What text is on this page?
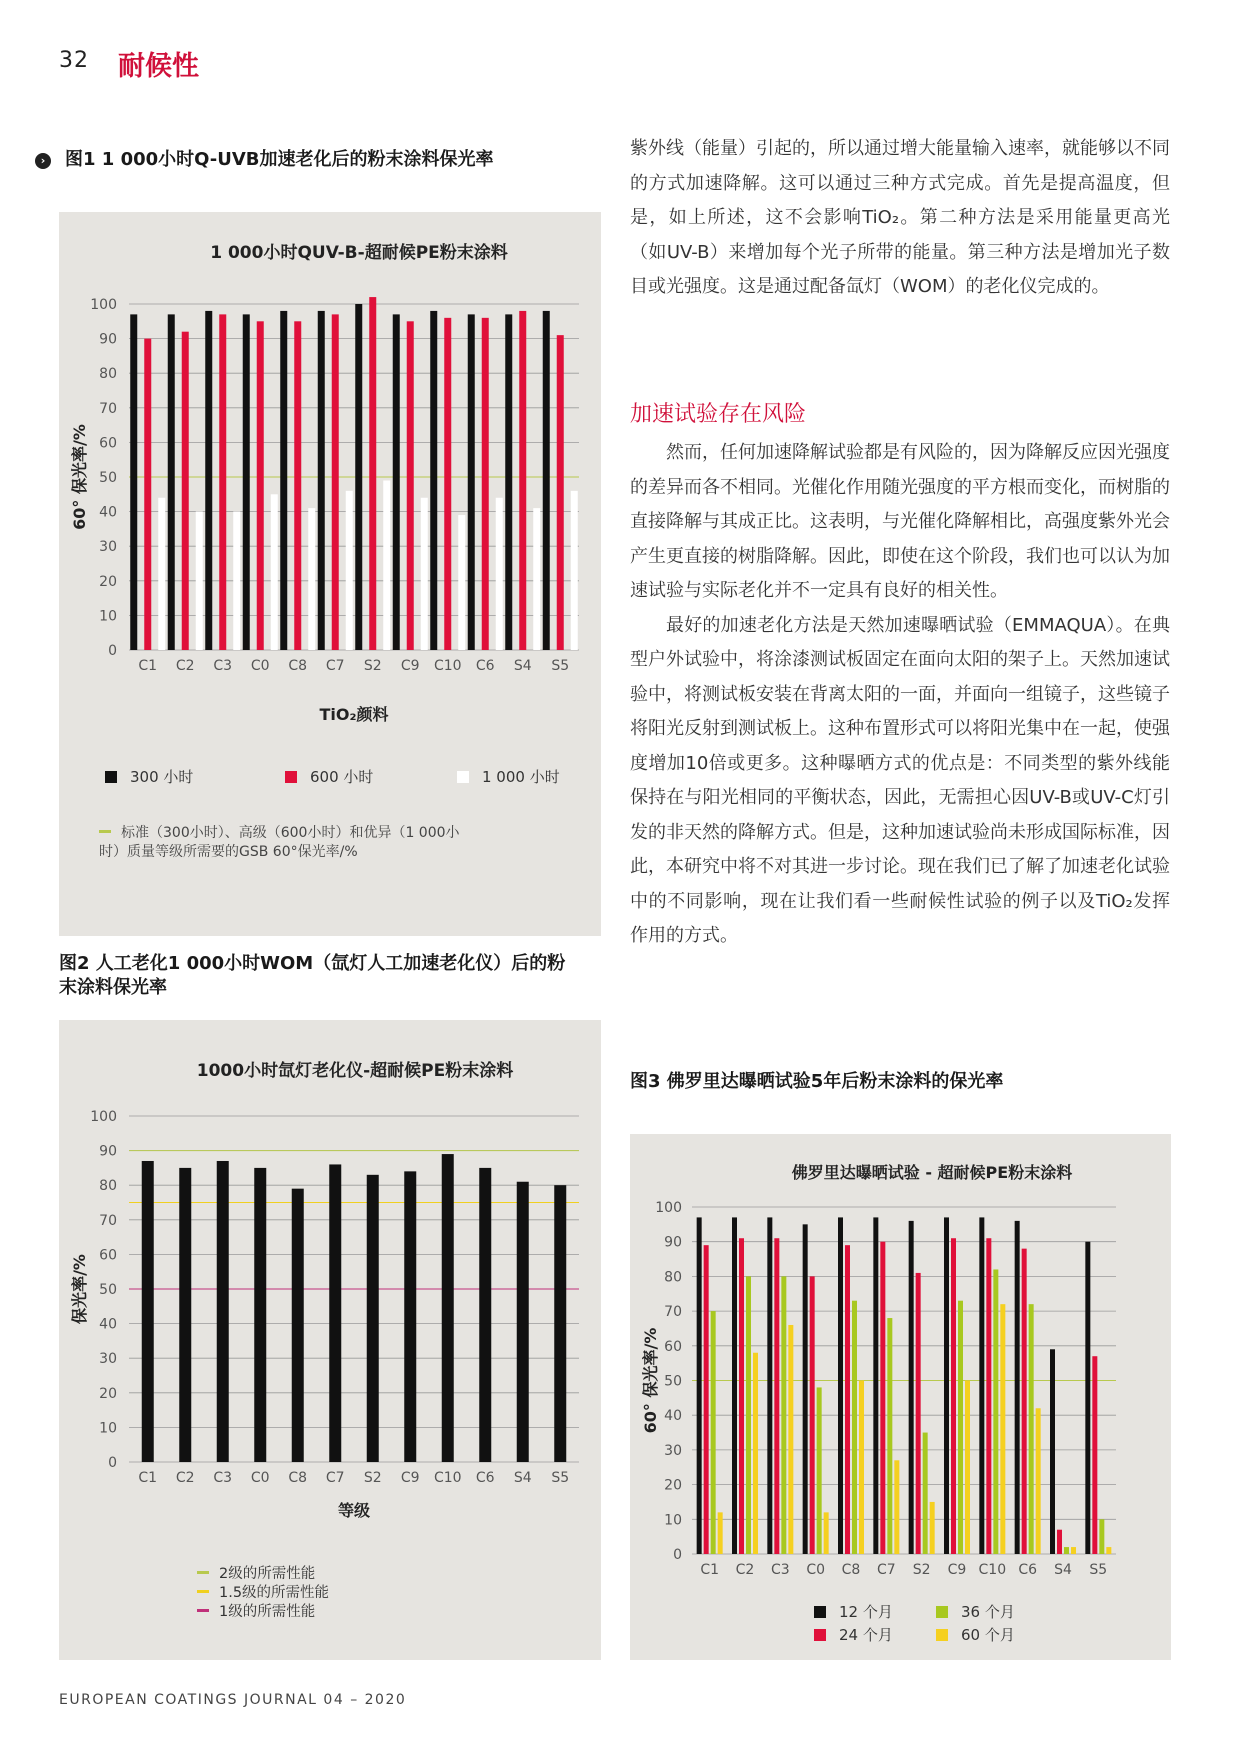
32 耐候性
› 图1 1 000小时Q-UVB加速老化后的粉末涂料保光率
1 000小时QUV-B-超耐候PE粉末涂料
0
10
20
30
40
50
60
70
80
90
100
C1 C2 C3 C0 C8 C7 S2 C9 C10 C6 S4 S5
60° 保光率/%
TiO₂颜料
300 小时	600 小时	1 000 小时
标准（300小时）、高级（600小时）和优异（1 000小
时）质量等级所需要的GSB 60°保光率/%
图2 人工老化1 000小时WOM（氙灯人工加速老化仪）后的粉
末涂料保光率
1000小时氙灯老化仪-超耐候PE粉末涂料
0
10
20
30
40
50
60
70
80
90
100
C1 C2 C3 C0 C8 C7 S2 C9 C10 C6 S4 S5
保光率/%
等级
2级的所需性能
1.5级的所需性能
1级的所需性能

紫外线（能量）引起的，所以通过增大能量输入速率，就能够以不同的方式加速降解。这可以通过三种方式完成。首先是提高温度，但是，如上所述，这不会影响TiO₂。第二种方法是采用能量更高光（如UV-B）来增加每个光子所带的能量。第三种方法是增加光子数目或光强度。这是通过配备氙灯（WOM）的老化仪完成的。

加速试验存在风险

然而，任何加速降解试验都是有风险的，因为降解反应因光强度的差异而各不相同。光催化作用随光强度的平方根而变化，而树脂的直接降解与其成正比。这表明，与光催化降解相比，高强度紫外光会产生更直接的树脂降解。因此，即使在这个阶段，我们也可以认为加速试验与实际老化并不一定具有良好的相关性。

最好的加速老化方法是天然加速曝晒试验（EMMAQUA）。在典型户外试验中，将涂漆测试板固定在面向太阳的架子上。天然加速试验中，将测试板安装在背离太阳的一面，并面向一组镜子，这些镜子将阳光反射到测试板上。这种布置形式可以将阳光集中在一起，使强度增加10倍或更多。这种曝晒方式的优点是：不同类型的紫外线能保持在与阳光相同的平衡状态，因此，无需担心因UV-B或UV-C灯引发的非天然的降解方式。但是，这种加速试验尚未形成国际标准，因此，本研究中将不对其进一步讨论。现在我们已了解了加速老化试验中的不同影响，现在让我们看一些耐候性试验的例子以及TiO₂发挥作用的方式。

图3 佛罗里达曝晒试验5年后粉末涂料的保光率
佛罗里达曝晒试验 - 超耐候PE粉末涂料
0
10
20
30
40
50
60
70
80
90
100
C1 C2 C3 C0 C8 C7 S2 C9 C10 C6 S4 S5
60° 保光率/%
12 个月	36 个月
24 个月	60 个月
EUROPEAN COATINGS JOURNAL 04 – 2020
